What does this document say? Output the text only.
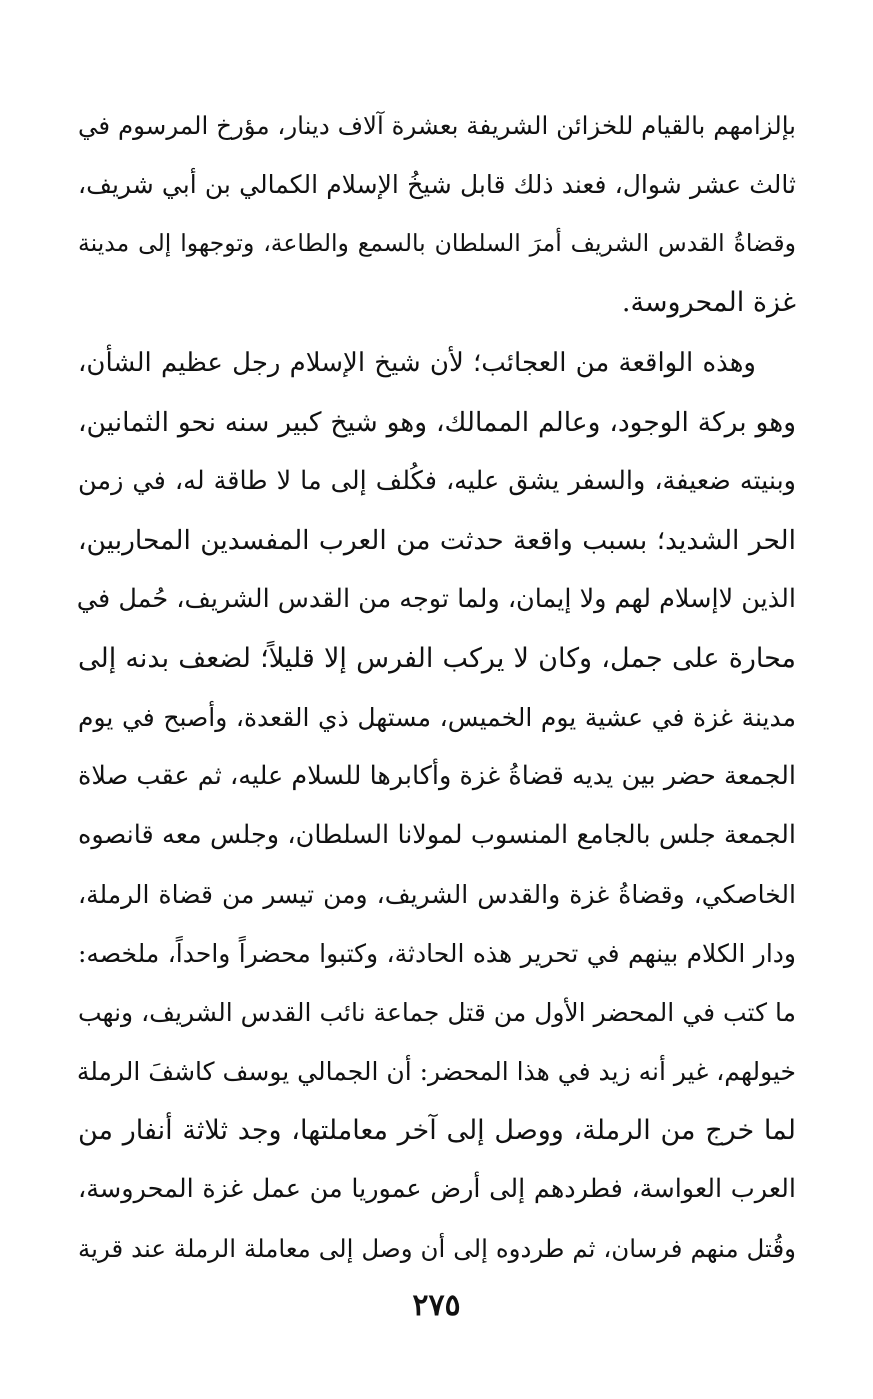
بإلزامهم بالقيام للخزائن الشريفة بعشرة آلاف دينار، مؤرخ المرسوم في
ثالث عشر شوال، فعند ذلك قابل شيخُ الإسلام الكمالي بن أبي شريف،
وقضاةُ القدس الشريف أمرَ السلطان بالسمع والطاعة، وتوجهوا إلى مدينة
غزة المحروسة.
وهذه الواقعة من العجائب؛ لأن شيخ الإسلام رجل عظيم الشأن،
وهو بركة الوجود، وعالم الممالك، وهو شيخ كبير سنه نحو الثمانين،
وبنيته ضعيفة، والسفر يشق عليه، فكُلف إلى ما لا طاقة له، في زمن
الحر الشديد؛ بسبب واقعة حدثت من العرب المفسدين المحاربين،
الذين لاإسلام لهم ولا إيمان، ولما توجه من القدس الشريف، حُمل في
محارة على جمل، وكان لا يركب الفرس إلا قليلاً؛ لضعف بدنه إلى
مدينة غزة في عشية يوم الخميس، مستهل ذي القعدة، وأصبح في يوم
الجمعة حضر بين يديه قضاةُ غزة وأكابرها للسلام عليه، ثم عقب صلاة
الجمعة جلس بالجامع المنسوب لمولانا السلطان، وجلس معه قانصوه
الخاصكي، وقضاةُ غزة والقدس الشريف، ومن تيسر من قضاة الرملة،
ودار الكلام بينهم في تحرير هذه الحادثة، وكتبوا محضراً واحداً، ملخصه:
ما كتب في المحضر الأول من قتل جماعة نائب القدس الشريف، ونهب
خيولهم، غير أنه زيد في هذا المحضر: أن الجمالي يوسف كاشفَ الرملة
لما خرج من الرملة، ووصل إلى آخر معاملتها، وجد ثلاثة أنفار من
العرب العواسة، فطردهم إلى أرض عموريا من عمل غزة المحروسة،
وقُتل منهم فرسان، ثم طردوه إلى أن وصل إلى معاملة الرملة عند قرية
٢٧٥
